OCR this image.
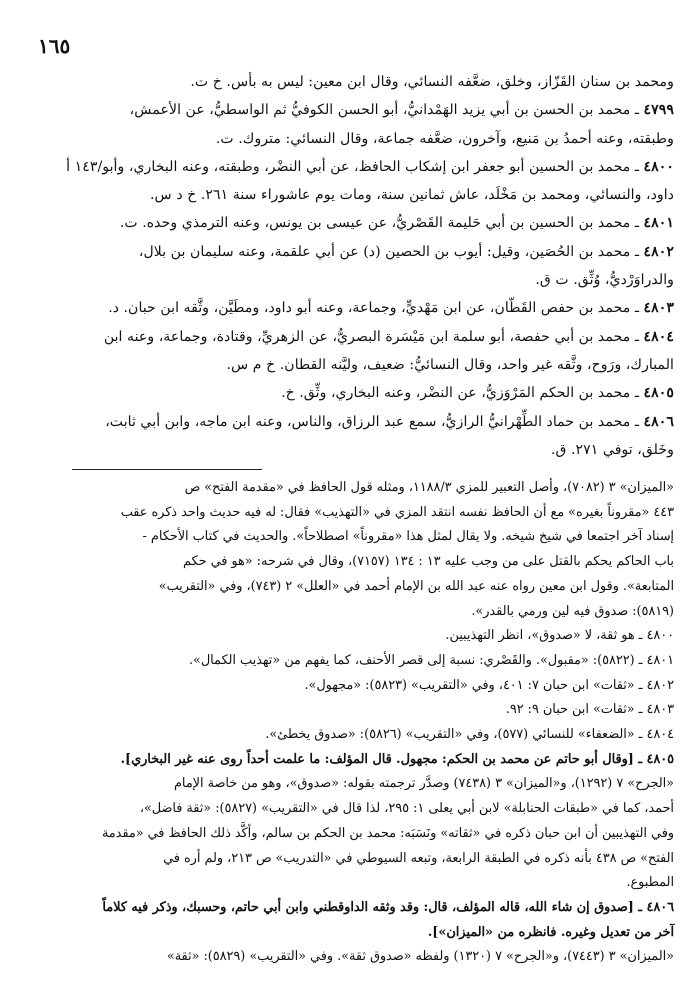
١٦٥

ومحمد بن سنان القَزّاز، وخلق، ضعَّفه النسائي، وقال ابن معين: ليس به بأس. خ ت.

٤٧٩٩ ـ محمد بن الحسن بن أبي يزيد الهَمْدانيُّ، أبو الحسن الكوفيُّ ثم الواسطيُّ، عن الأعمش،

وطبقته، وعنه أحمدُ بن مَنيع، وآخرون، ضعَّفه جماعة، وقال النسائي: متروك. ت.

٤٨٠٠ ـ محمد بن الحسين أبو جعفر ابن إشكاب الحافظ، عن أبي النضْر، وطبقته، وعنه البخاري، وأبو/١٤٣ أ

داود، والنسائي، ومحمد بن مَخْلَد، عاش ثمانين سنة، ومات يوم عاشوراء سنة ٢٦١. خ د س.

٤٨٠١ ـ محمد بن الحسين بن أبي حَليمة القَصْريُّ، عن عيسى بن يونس، وعنه الترمذي وحده. ت.

٤٨٠٢ ـ محمد بن الحُصَين، وقيل: أيوب بن الحصين (د) عن أبي علقمة، وعنه سليمان بن بلال،

والدراوَرْديُّ، وُثِّق. ت ق.

٤٨٠٣ ـ محمد بن حفص القَطّان، عن ابن مَهْديٍّ، وجماعة، وعنه أبو داود، ومطَيَّن، وثَّقه ابن حبان. د.

٤٨٠٤ ـ محمد بن أبي حفصة، أبو سلمة ابن مَيْسَرة البصريُّ، عن الزهريِّ، وقتادة، وجماعة، وعنه ابن

المبارك، ورَوح، وثَّقه غير واحد، وقال النسائيُّ: ضعيف، وليَّنه القطان. خ م س.

٤٨٠٥ ـ محمد بن الحكم المَرْوَزيُّ، عن النضْر، وعنه البخاري، وثِّق. خ.

٤٨٠٦ ـ محمد بن حماد الطِّهْرانيُّ الرازيُّ، سمع عبد الرزاق، والناس، وعنه ابن ماجه، وابن أبي ثابت،

وخَلق، توفي ٢٧١. ق.

«الميزان» ٣ (٧٠٨٢)، وأصل التعبير للمزي ١١٨٨/٣، ومثله قول الحافظ في «مقدمة الفتح» ص

٤٤٣ «مقروناً بغيره» مع أن الحافظ نفسه انتقد المزي في «التهذيب» فقال: له فيه حديث واحد ذكره عقب

إسناد آخر اجتمعا في شيخ شيخه. ولا يقال لمثل هذا «مقروناً» اصطلاحاً». والحديث في كتاب الأحكام -

باب الحاكم يحكم بالقتل على من وجب عليه ١٣ : ١٣٤ (٧١٥٧)، وقال في شرحه: «هو في حكم

المتابعة». وقول ابن معين رواه عنه عبد الله بن الإمام أحمد في «العلل» ٢ (٧٤٣)، وفي «التقريب»

(٥٨١٩): صدوق فيه لين ورمي بالقدر».

٤٨٠٠ ـ هو ثقة، لا «صدوق»، انظر التهذيبين.

٤٨٠١ ـ (٥٨٢٢): «مقبول». والقَصْري: نسبة إلى قصر الأحنف، كما يفهم من «تهذيب الكمال».

٤٨٠٢ ـ «ثقات» ابن حبان ٧: ٤٠١، وفي «التقريب» (٥٨٢٣): «مجهول».

٤٨٠٣ ـ «ثقات» ابن حبان ٩: ٩٢.

٤٨٠٤ ـ «الضعفاء» للنسائي (٥٧٧)، وفي «التقريب» (٥٨٢٦): «صدوق يخطئ».

٤٨٠٥ ـ [وقال أبو حاتم عن محمد بن الحكم: مجهول. قال المؤلف: ما علمت أحداً روى عنه غير البخاري].

«الجرح» ٧ (١٢٩٢)، و«الميزان» ٣ (٧٤٣٨) وصدَّر ترجمته بقوله: «صدوق»، وهو من خاصة الإمام

أحمد، كما في «طبقات الحنابلة» لابن أبي يعلى ١: ٢٩٥، لذا قال في «التقريب» (٥٨٢٧): «ثقة فاضل»،

وفي التهذيبين أن ابن حبان ذكره في «ثقاته» ونَسَبَه: محمد بن الحكم بن سالم، وأكَّد ذلك الحافظ في «مقدمة

الفتح» ص ٤٣٨ بأنه ذكره في الطبقة الرابعة، وتبعه السيوطي في «التدريب» ص ٢١٣، ولم أره في

المطبوع.

٤٨٠٦ ـ [صدوق إن شاء الله، قاله المؤلف، قال: وقد وثقه الداوقطني وابن أبي حاتم، وحسبك، وذكر فيه كلاماً

آخر من تعديل وغيره. فانظره من «الميزان»].

«الميزان» ٣ (٧٤٤٣)، و«الجرح» ٧ (١٣٢٠) ولفظه «صدوق ثقة». وفي «التقريب» (٥٨٢٩): «ثقة»
